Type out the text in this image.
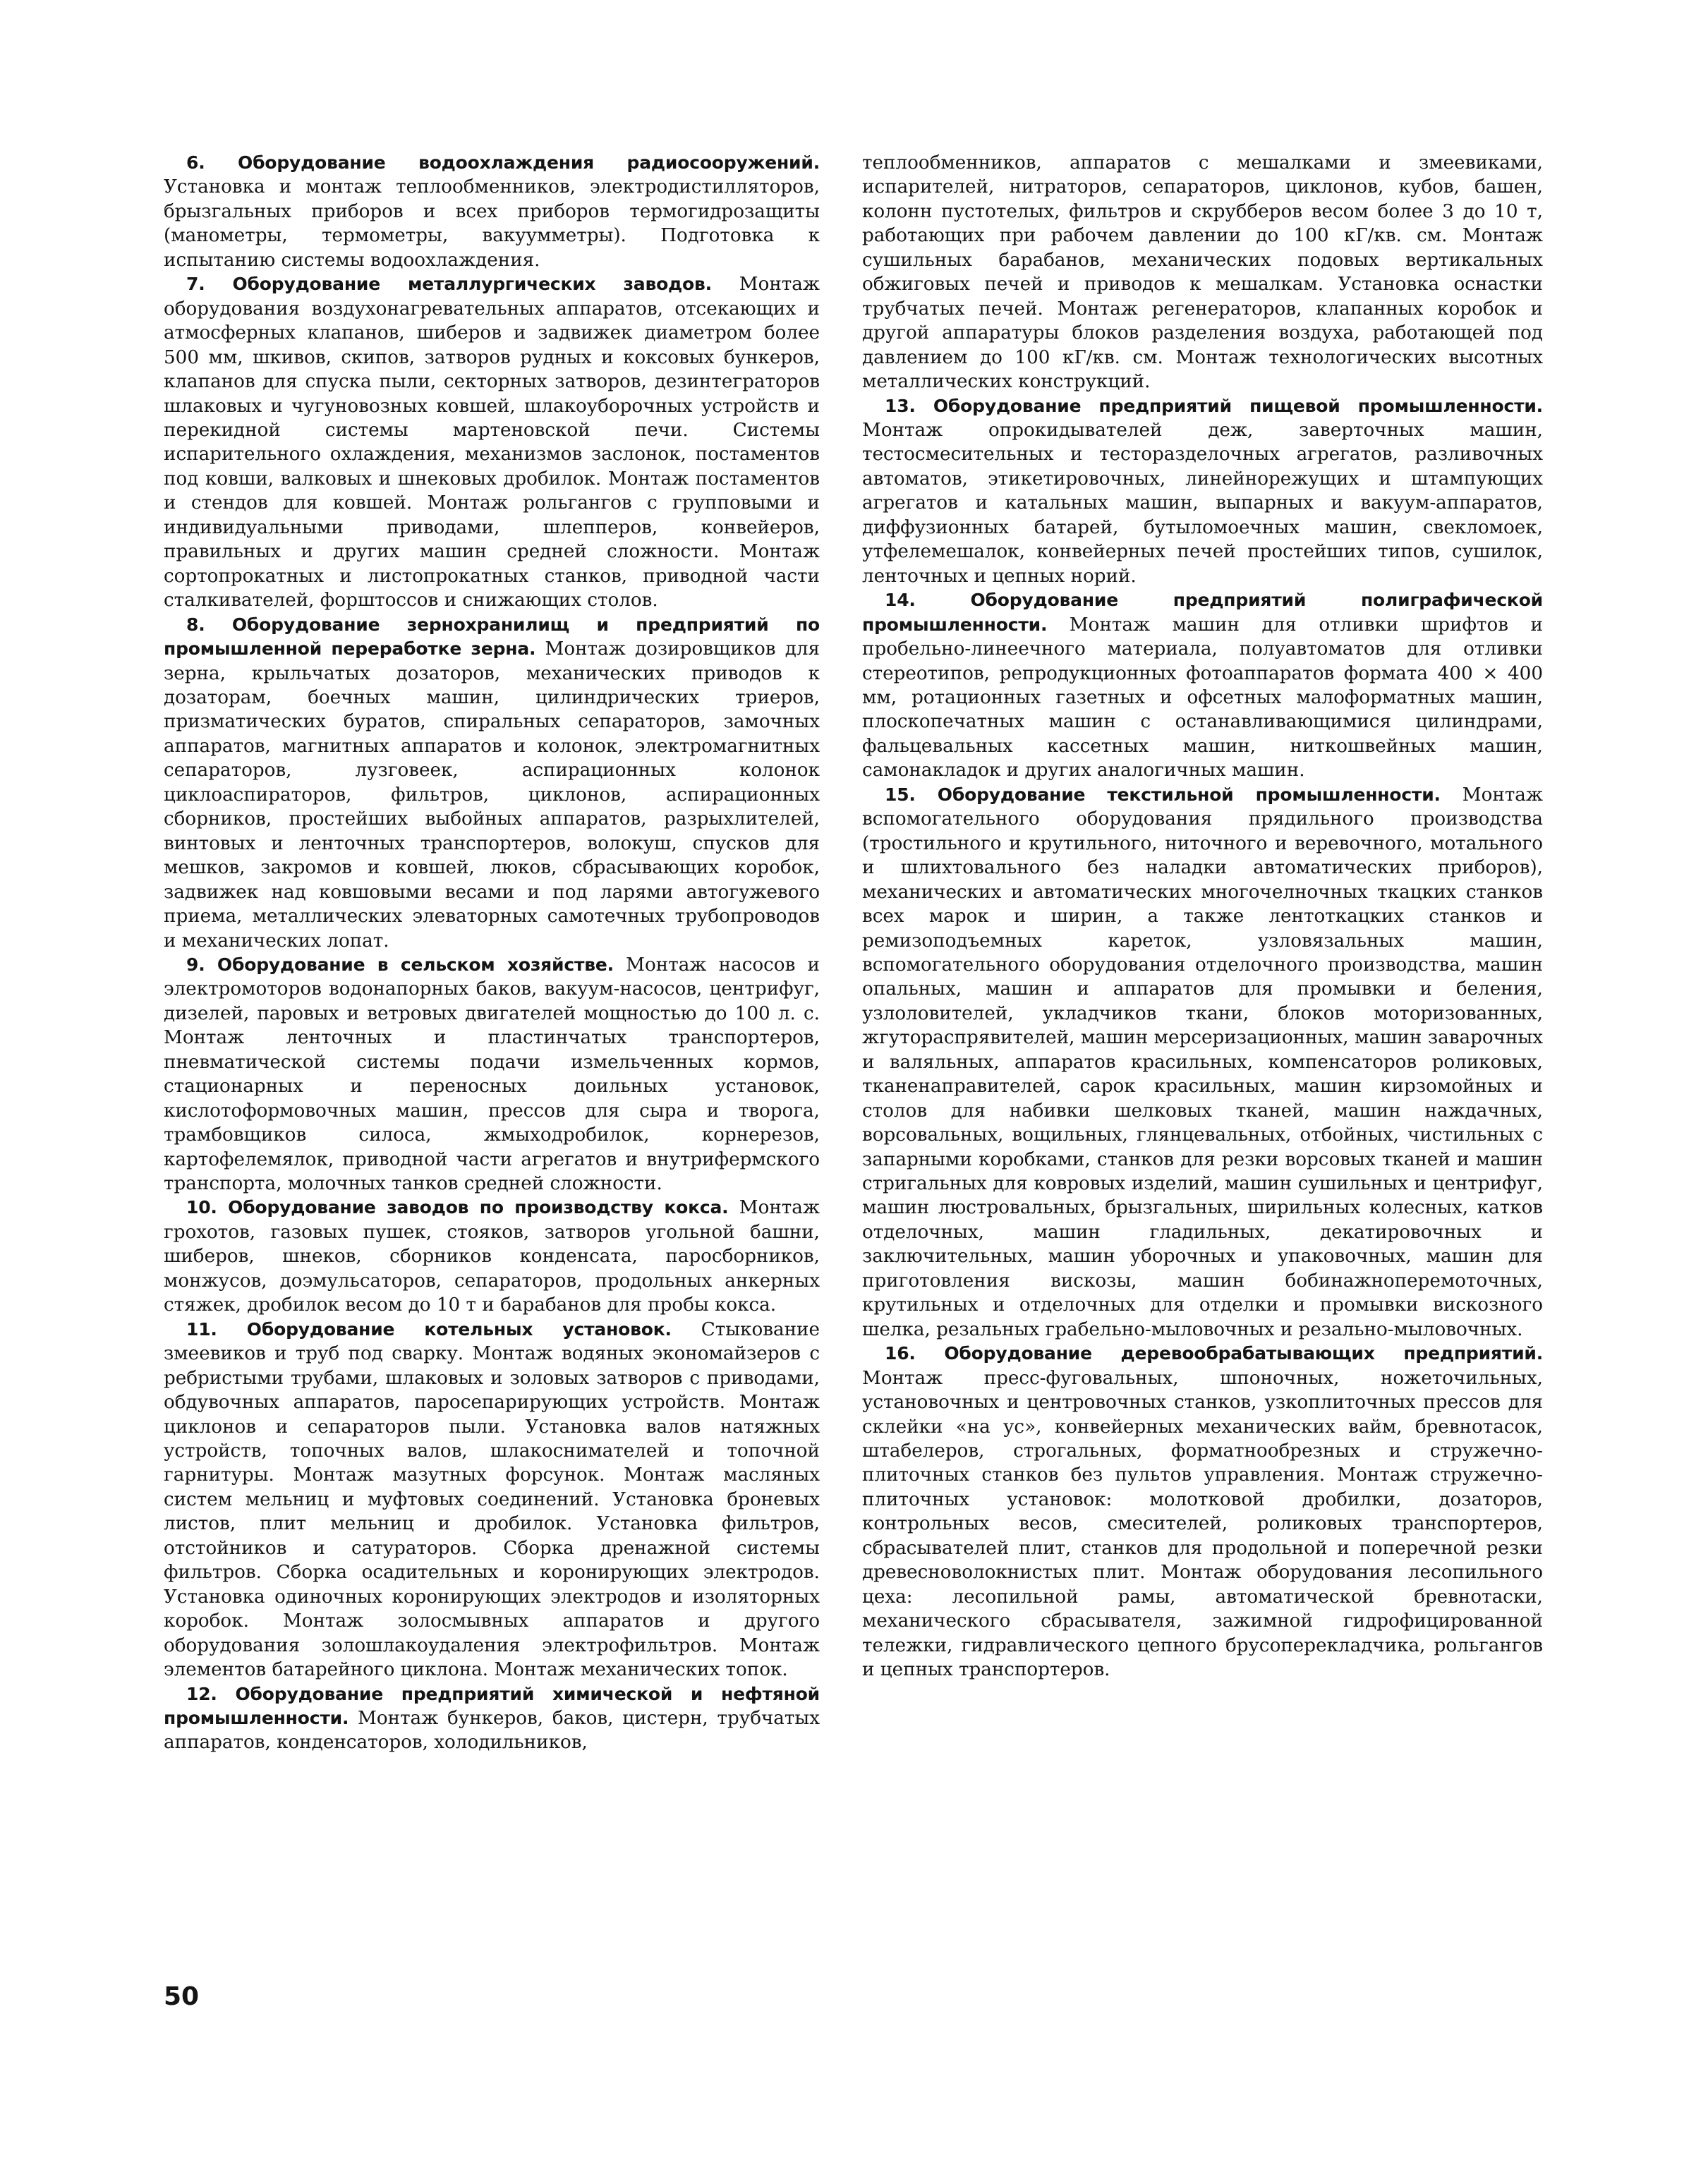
6. Оборудование водоохлаждения радиосооружений. Установка и монтаж теплообменников, электродистилляторов, брызгальных приборов и всех приборов термогидрозащиты (манометры, термометры, вакуумметры). Подготовка к испытанию системы водоохлаждения.

7. Оборудование металлургических заводов. Монтаж оборудования воздухонагревательных аппаратов, отсекающих и атмосферных клапанов, шиберов и задвижек диаметром более 500 мм, шкивов, скипов, затворов рудных и коксовых бункеров, клапанов для спуска пыли, секторных затворов, дезинтеграторов шлаковых и чугуновозных ковшей, шлакоуборочных устройств и перекидной системы мартеновской печи. Системы испарительного охлаждения, механизмов заслонок, постаментов под ковши, валковых и шнековых дробилок. Монтаж постаментов и стендов для ковшей. Монтаж рольгангов с групповыми и индивидуальными приводами, шлепперов, конвейеров, правильных и других машин средней сложности. Монтаж сортопрокатных и листопрокатных станков, приводной части сталкивателей, форштоссов и снижающих столов.

8. Оборудование зернохранилищ и предприятий по промышленной переработке зерна. Монтаж дозировщиков для зерна, крыльчатых дозаторов, механических приводов к дозаторам, боечных машин, цилиндрических триеров, призматических буратов, спиральных сепараторов, замочных аппаратов, магнитных аппаратов и колонок, электромагнитных сепараторов, лузговеек, аспирационных колонок циклоаспираторов, фильтров, циклонов, аспирационных сборников, простейших выбойных аппаратов, разрыхлителей, винтовых и ленточных транспортеров, волокуш, спусков для мешков, закромов и ковшей, люков, сбрасывающих коробок, задвижек над ковшовыми весами и под ларями автогужевого приема, металлических элеваторных самотечных трубопроводов и механических лопат.

9. Оборудование в сельском хозяйстве. Монтаж насосов и электромоторов водонапорных баков, вакуум-насосов, центрифуг, дизелей, паровых и ветровых двигателей мощностью до 100 л. с. Монтаж ленточных и пластинчатых транспортеров, пневматической системы подачи измельченных кормов, стационарных и переносных доильных установок, кислотоформовочных машин, прессов для сыра и творога, трамбовщиков силоса, жмыходробилок, корнерезов, картофелемялок, приводной части агрегатов и внутрифермского транспорта, молочных танков средней сложности.

10. Оборудование заводов по производству кокса. Монтаж грохотов, газовых пушек, стояков, затворов угольной башни, шиберов, шнеков, сборников конденсата, паросборников, монжусов, доэмульсаторов, сепараторов, продольных анкерных стяжек, дробилок весом до 10 т и барабанов для пробы кокса.

11. Оборудование котельных установок. Стыкование змеевиков и труб под сварку. Монтаж водяных экономайзеров с ребристыми трубами, шлаковых и золовых затворов с приводами, обдувочных аппаратов, паросепарирующих устройств. Монтаж циклонов и сепараторов пыли. Установка валов натяжных устройств, топочных валов, шлакоснимателей и топочной гарнитуры. Монтаж мазутных форсунок. Монтаж масляных систем мельниц и муфтовых соединений. Установка броневых листов, плит мельниц и дробилок. Установка фильтров, отстойников и сатураторов. Сборка дренажной системы фильтров. Сборка осадительных и коронирующих электродов. Установка одиночных коронирующих электродов и изоляторных коробок. Монтаж золосмывных аппаратов и другого оборудования золошлакоудаления электрофильтров. Монтаж элементов батарейного циклона. Монтаж механических топок.

12. Оборудование предприятий химической и нефтяной промышленности. Монтаж бункеров, баков, цистерн, трубчатых аппаратов, конденсаторов, холодильников,

теплообменников, аппаратов с мешалками и змеевиками, испарителей, нитраторов, сепараторов, циклонов, кубов, башен, колонн пустотелых, фильтров и скрубберов весом более 3 до 10 т, работающих при рабочем давлении до 100 кГ/кв. см. Монтаж сушильных барабанов, механических подовых вертикальных обжиговых печей и приводов к мешалкам. Установка оснастки трубчатых печей. Монтаж регенераторов, клапанных коробок и другой аппаратуры блоков разделения воздуха, работающей под давлением до 100 кГ/кв. см. Монтаж технологических высотных металлических конструкций.

13. Оборудование предприятий пищевой промышленности. Монтаж опрокидывателей деж, заверточных машин, тестосмесительных и тесторазделочных агрегатов, разливочных автоматов, этикетировочных, линейнорежущих и штампующих агрегатов и катальных машин, выпарных и вакуум-аппаратов, диффузионных батарей, бутыломоечных машин, свекломоек, утфелемешалок, конвейерных печей простейших типов, сушилок, ленточных и цепных норий.

14. Оборудование предприятий полиграфической промышленности. Монтаж машин для отливки шрифтов и пробельно-линеечного материала, полуавтоматов для отливки стереотипов, репродукционных фотоаппаратов формата 400 × 400 мм, ротационных газетных и офсетных малоформатных машин, плоскопечатных машин с останавливающимися цилиндрами, фальцевальных кассетных машин, ниткошвейных машин, самонакладок и других аналогичных машин.

15. Оборудование текстильной промышленности. Монтаж вспомогательного оборудования прядильного производства (тростильного и крутильного, ниточного и веревочного, мотального и шлихтовального без наладки автоматических приборов), механических и автоматических многочелночных ткацких станков всех марок и ширин, а также лентоткацких станков и ремизоподъемных кареток, узловязальных машин, вспомогательного оборудования отделочного производства, машин опальных, машин и аппаратов для промывки и беления, узлоловителей, укладчиков ткани, блоков моторизованных, жгутораспрявителей, машин мерсеризационных, машин заварочных и валяльных, аппаратов красильных, компенсаторов роликовых, тканенаправителей, сарок красильных, машин кирзомойных и столов для набивки шелковых тканей, машин наждачных, ворсовальных, вощильных, глянцевальных, отбойных, чистильных с запарными коробками, станков для резки ворсовых тканей и машин стригальных для ковровых изделий, машин сушильных и центрифуг, машин люстровальных, брызгальных, ширильных колесных, катков отделочных, машин гладильных, декатировочных и заключительных, машин уборочных и упаковочных, машин для приготовления вискозы, машин бобинажноперемоточных, крутильных и отделочных для отделки и промывки вискозного шелка, резальных грабельно-мыловочных и резально-мыловочных.

16. Оборудование деревообрабатывающих предприятий. Монтаж пресс-фуговальных, шпоночных, ножеточильных, установочных и центровочных станков, узкоплиточных прессов для склейки «на ус», конвейерных механических вайм, бревнотасок, штабелеров, строгальных, форматнообрезных и стружечно-плиточных станков без пультов управления. Монтаж стружечно-плиточных установок: молотковой дробилки, дозаторов, контрольных весов, смесителей, роликовых транспортеров, сбрасывателей плит, станков для продольной и поперечной резки древесноволокнистых плит. Монтаж оборудования лесопильного цеха: лесопильной рамы, автоматической бревнотаски, механического сбрасывателя, зажимной гидрофицированной тележки, гидравлического цепного брусоперекладчика, рольгангов и цепных транспортеров.

50
